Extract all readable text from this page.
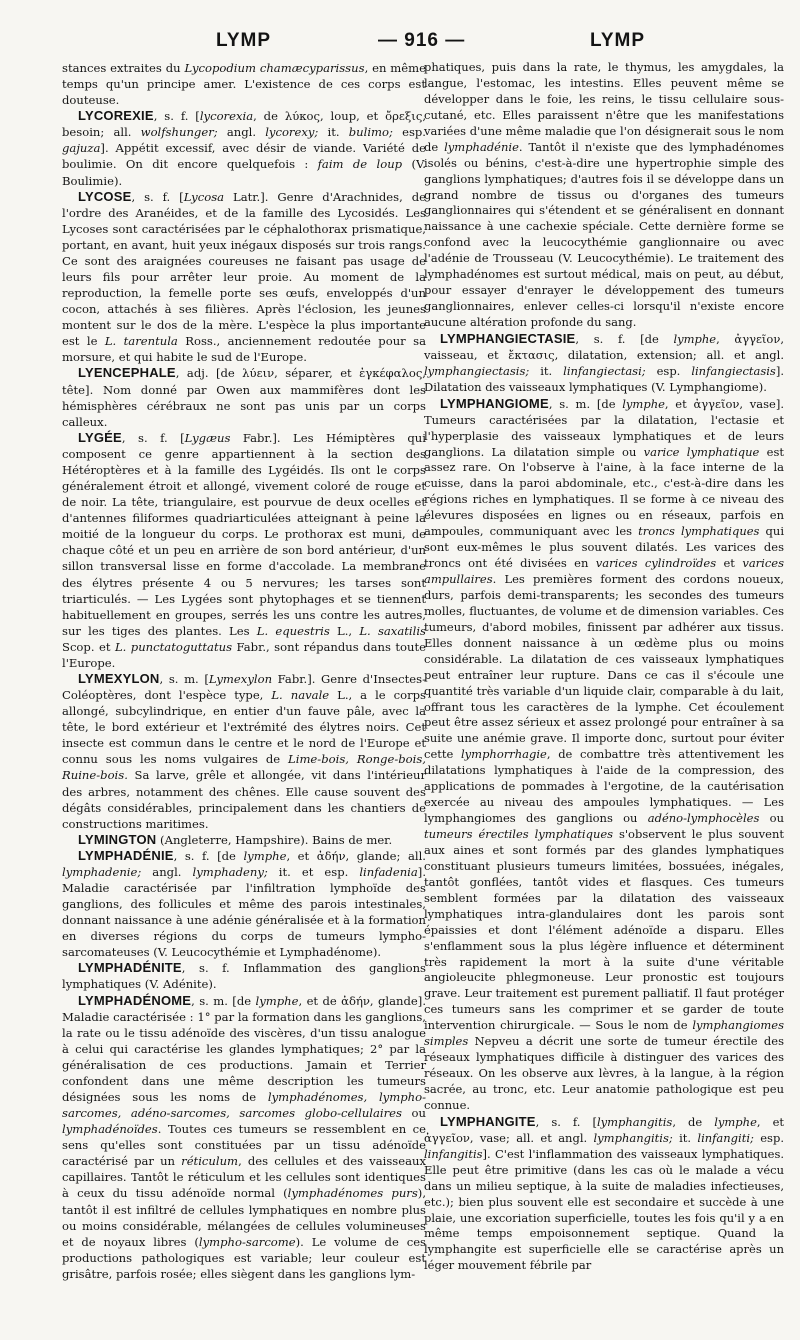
LYMP	— 916 —	LYMP

stances extraites du Lycopodium chamæcyparissus, en même temps qu'un principe amer. L'existence de ces corps est douteuse.

LYCOREXIE, s. f. [lycorexia, de λύκος, loup, et ὄρεξις, besoin; all. wolfshunger; angl. lycorexy; it. bulimo; esp. gajuza]. Appétit excessif, avec désir de viande. Variété de boulimie. On dit encore quelquefois : faim de loup (V. Boulimie).

LYCOSE, s. f. [Lycosa Latr.]. Genre d'Arachnides, de l'ordre des Aranéides, et de la famille des Lycosidés. Les Lycoses sont caractérisées par le céphalothorax prismatique, portant, en avant, huit yeux inégaux disposés sur trois rangs. Ce sont des araignées coureuses ne faisant pas usage de leurs fils pour arrêter leur proie. Au moment de la reproduction, la femelle porte ses œufs, enveloppés d'un cocon, attachés à ses filières. Après l'éclosion, les jeunes montent sur le dos de la mère. L'espèce la plus importante est le L. tarentula Ross., anciennement redoutée pour sa morsure, et qui habite le sud de l'Europe.

LYENCEPHALE, adj. [de λύειν, séparer, et ἐγκέφαλος, tête]. Nom donné par Owen aux mammifères dont les hémisphères cérébraux ne sont pas unis par un corps calleux.

LYGÉE, s. f. [Lygæus Fabr.]. Les Hémiptères qui composent ce genre appartiennent à la section des Hétéroptères et à la famille des Lygéidés. Ils ont le corps généralement étroit et allongé, vivement coloré de rouge et de noir. La tête, triangulaire, est pourvue de deux ocelles et d'antennes filiformes quadriarticulées atteignant à peine la moitié de la longueur du corps. Le prothorax est muni, de chaque côté et un peu en arrière de son bord antérieur, d'un sillon transversal lisse en forme d'accolade. La membrane des élytres présente 4 ou 5 nervures; les tarses sont triarticulés. — Les Lygées sont phytophages et se tiennent habituellement en groupes, serrés les uns contre les autres, sur les tiges des plantes. Les L. equestris L., L. saxatilis Scop. et L. punctatoguttatus Fabr., sont répandus dans toute l'Europe.

LYMEXYLON, s. m. [Lymexylon Fabr.]. Genre d'Insectes-Coléoptères, dont l'espèce type, L. navale L., a le corps allongé, subcylindrique, en entier d'un fauve pâle, avec la tête, le bord extérieur et l'extrémité des élytres noirs. Cet insecte est commun dans le centre et le nord de l'Europe et connu sous les noms vulgaires de Lime-bois, Ronge-bois, Ruine-bois. Sa larve, grêle et allongée, vit dans l'intérieur des arbres, notamment des chênes. Elle cause souvent des dégâts considérables, principalement dans les chantiers de constructions maritimes.

LYMINGTON (Angleterre, Hampshire). Bains de mer.

LYMPHADÉNIE, s. f. [de lymphe, et ἀδήν, glande; all. lymphadenie; angl. lymphadeny; it. et esp. linfadenia]. Maladie caractérisée par l'infiltration lymphoïde des ganglions, des follicules et même des parois intestinales, donnant naissance à une adénie généralisée et à la formation en diverses régions du corps de tumeurs lympho-sarcomateuses (V. Leucocythémie et Lymphadénome).

LYMPHADÉNITE, s. f. Inflammation des ganglions lymphatiques (V. Adénite).

LYMPHADÉNOME, s. m. [de lymphe, et de ἀδήν, glande]. Maladie caractérisée : 1° par la formation dans les ganglions, la rate ou le tissu adénoïde des viscères, d'un tissu analogue à celui qui caractérise les glandes lymphatiques; 2° par la généralisation de ces productions. Jamain et Terrier confondent dans une même description les tumeurs désignées sous les noms de lymphadénomes, lympho-sarcomes, adéno-sarcomes, sarcomes globo-cellulaires ou lymphadénoïdes. Toutes ces tumeurs se ressemblent en ce sens qu'elles sont constituées par un tissu adénoïde caractérisé par un réticulum, des cellules et des vaisseaux capillaires. Tantôt le réticulum et les cellules sont identiques à ceux du tissu adénoïde normal (lymphadénomes purs), tantôt il est infiltré de cellules lymphatiques en nombre plus ou moins considérable, mélangées de cellules volumineuses et de noyaux libres (lympho-sarcome). Le volume de ces productions pathologiques est variable; leur couleur est grisâtre, parfois rosée; elles siègent dans les ganglions lym-

phatiques, puis dans la rate, le thymus, les amygdales, la langue, l'estomac, les intestins. Elles peuvent même se développer dans le foie, les reins, le tissu cellulaire sous-cutané, etc. Elles paraissent n'être que les manifestations variées d'une même maladie que l'on désignerait sous le nom de lymphadénie. Tantôt il n'existe que des lymphadénomes isolés ou bénins, c'est-à-dire une hypertrophie simple des ganglions lymphatiques; d'autres fois il se développe dans un grand nombre de tissus ou d'organes des tumeurs ganglionnaires qui s'étendent et se généralisent en donnant naissance à une cachexie spéciale. Cette dernière forme se confond avec la leucocythémie ganglionnaire ou avec l'adénie de Trousseau (V. Leucocythémie). Le traitement des lymphadénomes est surtout médical, mais on peut, au début, pour essayer d'enrayer le développement des tumeurs ganglionnaires, enlever celles-ci lorsqu'il n'existe encore aucune altération profonde du sang.

LYMPHANGIECTASIE, s. f. [de lymphe, ἀγγεῖον, vaisseau, et ἔκτασις, dilatation, extension; all. et angl. lymphangiectasis; it. linfangiectasi; esp. linfangiectasis]. Dilatation des vaisseaux lymphatiques (V. Lymphangiome).

LYMPHANGIOME, s. m. [de lymphe, et ἀγγεῖον, vase]. Tumeurs caractérisées par la dilatation, l'ectasie et l'hyperplasie des vaisseaux lymphatiques et de leurs ganglions. La dilatation simple ou varice lymphatique est assez rare. On l'observe à l'aine, à la face interne de la cuisse, dans la paroi abdominale, etc., c'est-à-dire dans les régions riches en lymphatiques. Il se forme à ce niveau des élevures disposées en lignes ou en réseaux, parfois en ampoules, communiquant avec les troncs lymphatiques qui sont eux-mêmes le plus souvent dilatés. Les varices des troncs ont été divisées en varices cylindroïdes et varices ampullaires. Les premières forment des cordons noueux, durs, parfois demi-transparents; les secondes des tumeurs molles, fluctuantes, de volume et de dimension variables. Ces tumeurs, d'abord mobiles, finissent par adhérer aux tissus. Elles donnent naissance à un œdème plus ou moins considérable. La dilatation de ces vaisseaux lymphatiques peut entraîner leur rupture. Dans ce cas il s'écoule une quantité très variable d'un liquide clair, comparable à du lait, offrant tous les caractères de la lymphe. Cet écoulement peut être assez sérieux et assez prolongé pour entraîner à sa suite une anémie grave. Il importe donc, surtout pour éviter cette lymphorrhagie, de combattre très attentivement les dilatations lymphatiques à l'aide de la compression, des applications de pommades à l'ergotine, de la cautérisation exercée au niveau des ampoules lymphatiques. — Les lymphangiomes des ganglions ou adéno-lymphocèles ou tumeurs érectiles lymphatiques s'observent le plus souvent aux aines et sont formés par des glandes lymphatiques constituant plusieurs tumeurs limitées, bossuées, inégales, tantôt gonflées, tantôt vides et flasques. Ces tumeurs semblent formées par la dilatation des vaisseaux lymphatiques intra-glandulaires dont les parois sont épaissies et dont l'élément adénoïde a disparu. Elles s'enflamment sous la plus légère influence et déterminent très rapidement la mort à la suite d'une véritable angioleucite phlegmoneuse. Leur pronostic est toujours grave. Leur traitement est purement palliatif. Il faut protéger ces tumeurs sans les comprimer et se garder de toute intervention chirurgicale. — Sous le nom de lymphangiomes simples Nepveu a décrit une sorte de tumeur érectile des réseaux lymphatiques difficile à distinguer des varices des réseaux. On les observe aux lèvres, à la langue, à la région sacrée, au tronc, etc. Leur anatomie pathologique est peu connue.

LYMPHANGITE, s. f. [lymphangitis, de lymphe, et ἀγγεῖον, vase; all. et angl. lymphangitis; it. linfangiti; esp. linfangitis]. C'est l'inflammation des vaisseaux lymphatiques. Elle peut être primitive (dans les cas où le malade a vécu dans un milieu septique, à la suite de maladies infectieuses, etc.); bien plus souvent elle est secondaire et succède à une plaie, une excoriation superficielle, toutes les fois qu'il y a en même temps empoisonnement septique. Quand la lymphangite est superficielle elle se caractérise après un léger mouvement fébrile par
